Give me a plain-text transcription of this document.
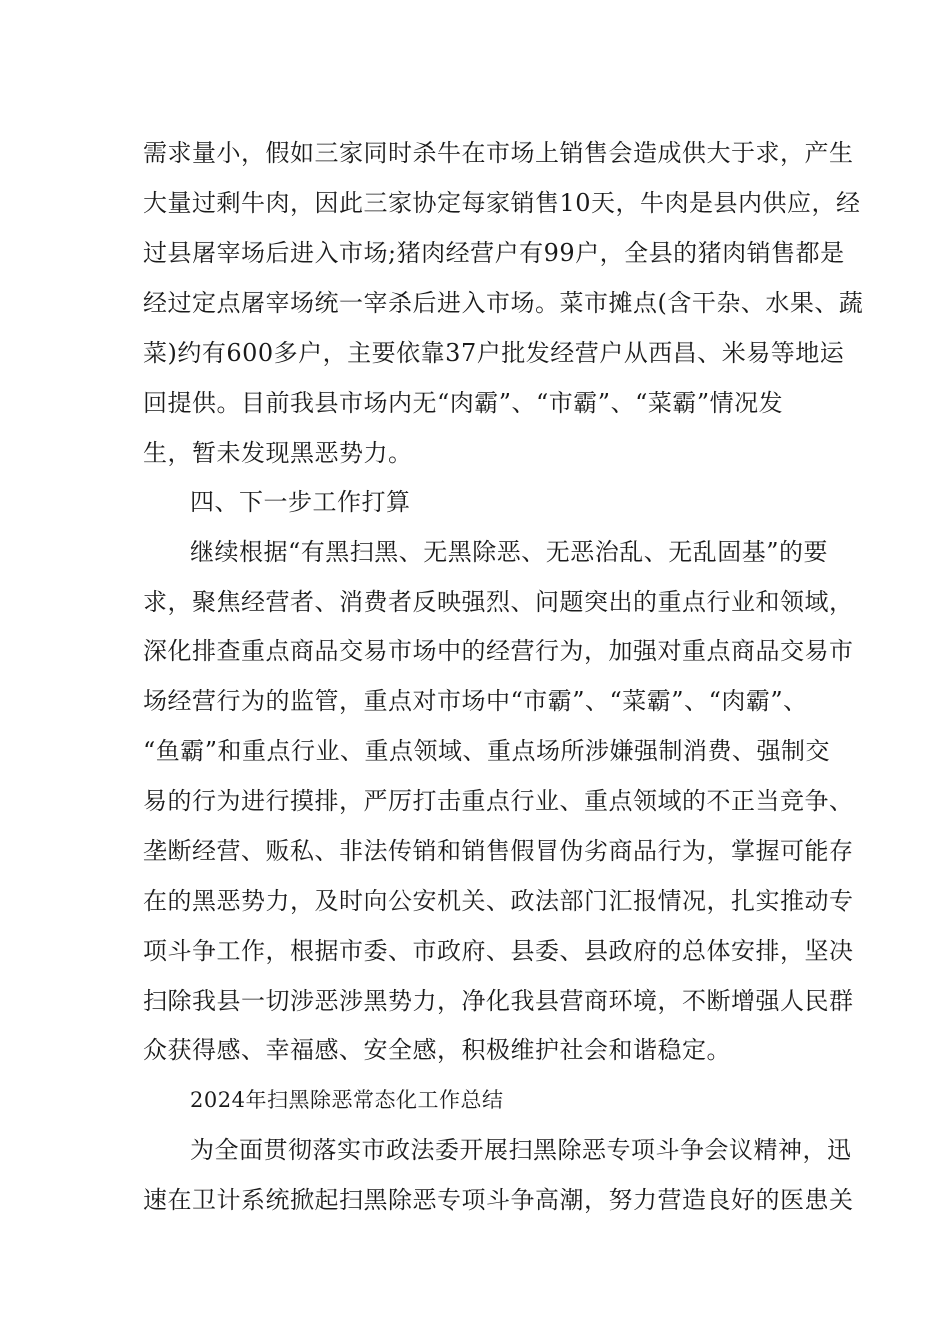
需求量小，假如三家同时杀牛在市场上销售会造成供大于求，产生
大量过剩牛肉，因此三家协定每家销售10天，牛肉是县内供应，经
过县屠宰场后进入市场;猪肉经营户有99户，全县的猪肉销售都是
经过定点屠宰场统一宰杀后进入市场。菜市摊点(含干杂、水果、蔬
菜)约有600多户，主要依靠37户批发经营户从西昌、米易等地运
回提供。目前我县市场内无“肉霸”、“市霸”、“菜霸”情况发
生，暂未发现黑恶势力。
四、下一步工作打算
继续根据“有黑扫黑、无黑除恶、无恶治乱、无乱固基”的要
求，聚焦经营者、消费者反映强烈、问题突出的重点行业和领域，
深化排查重点商品交易市场中的经营行为，加强对重点商品交易市
场经营行为的监管，重点对市场中“市霸”、“菜霸”、“肉霸”、
“鱼霸”和重点行业、重点领域、重点场所涉嫌强制消费、强制交
易的行为进行摸排，严厉打击重点行业、重点领域的不正当竞争、
垄断经营、贩私、非法传销和销售假冒伪劣商品行为，掌握可能存
在的黑恶势力，及时向公安机关、政法部门汇报情况，扎实推动专
项斗争工作，根据市委、市政府、县委、县政府的总体安排，坚决
扫除我县一切涉恶涉黑势力，净化我县营商环境，不断增强人民群
众获得感、幸福感、安全感，积极维护社会和谐稳定。
2024年扫黑除恶常态化工作总结
为全面贯彻落实市政法委开展扫黑除恶专项斗争会议精神，迅
速在卫计系统掀起扫黑除恶专项斗争高潮，努力营造良好的医患关
